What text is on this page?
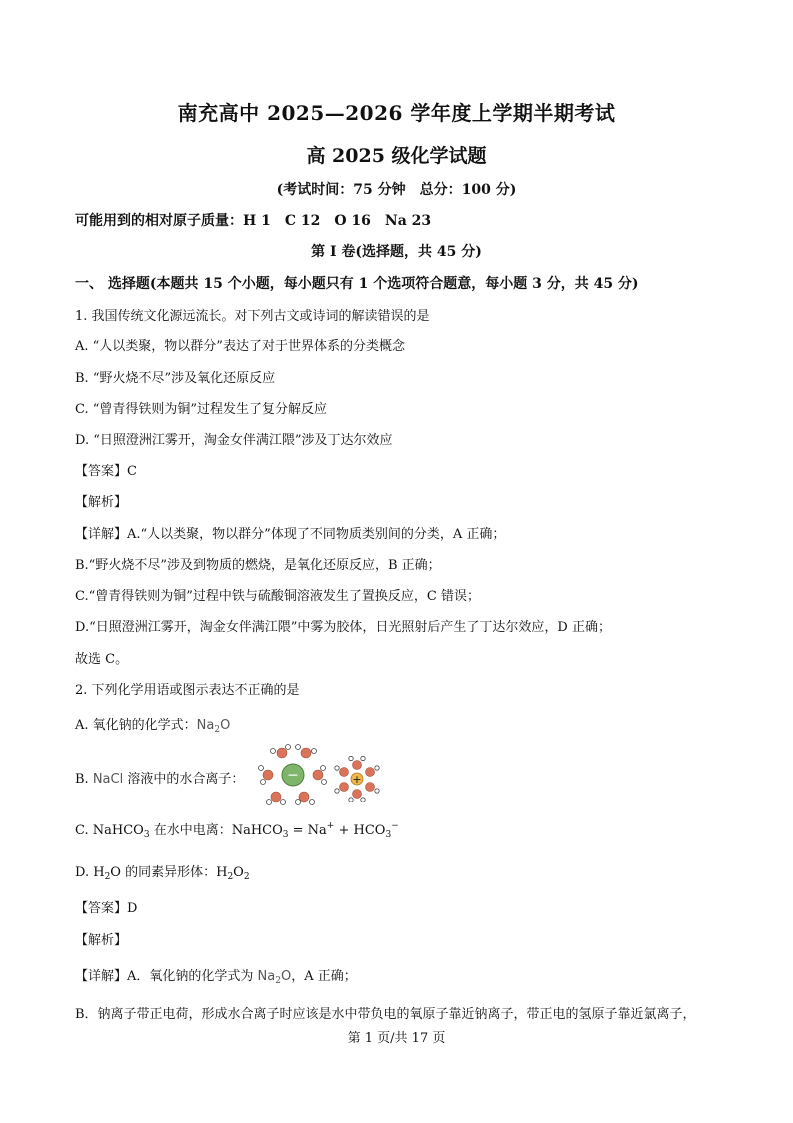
南充高中 2025—2026 学年度上学期半期考试
高 2025 级化学试题
(考试时间：75 分钟　总分：100 分)
可能用到的相对原子质量：H 1　C 12　O 16　Na 23
第 I 卷(选择题，共 45 分)
一、 选择题(本题共 15 个小题，每小题只有 1 个选项符合题意，每小题 3 分，共 45 分)
1. 我国传统文化源远流长。对下列古文或诗词的解读错误的是
A. “人以类聚，物以群分”表达了对于世界体系的分类概念
B. “野火烧不尽”涉及氧化还原反应
C. “曾青得铁则为铜”过程发生了复分解反应
D. “日照澄洲江雾开，淘金女伴满江隈”涉及丁达尔效应
【答案】C
【解析】
【详解】A.“人以类聚，物以群分”体现了不同物质类别间的分类，A 正确；
B.“野火烧不尽”涉及到物质的燃烧，是氧化还原反应，B 正确；
C.“曾青得铁则为铜”过程中铁与硫酸铜溶液发生了置换反应，C 错误；
D.“日照澄洲江雾开，淘金女伴满江隈”中雾为胶体，日光照射后产生了丁达尔效应，D 正确；
故选 C。
2. 下列化学用语或图示表达不正确的是
A. 氧化钠的化学式：$Na_2O$
B. NaCl 溶液中的水合离子：	−	+
C. NaHCO$_3$ 在水中电离：NaHCO$_3$ = $Na^+ + HCO_3^-$
D. $H_2O$ 的同素异形体：$H_2O_2$
【答案】D
【解析】
【详解】A．氧化钠的化学式为 $Na_2O$，A 正确；
B．钠离子带正电荷，形成水合离子时应该是水中带负电的氧原子靠近钠离子，带正电的氢原子靠近氯离子，
第 1 页/共 17 页
